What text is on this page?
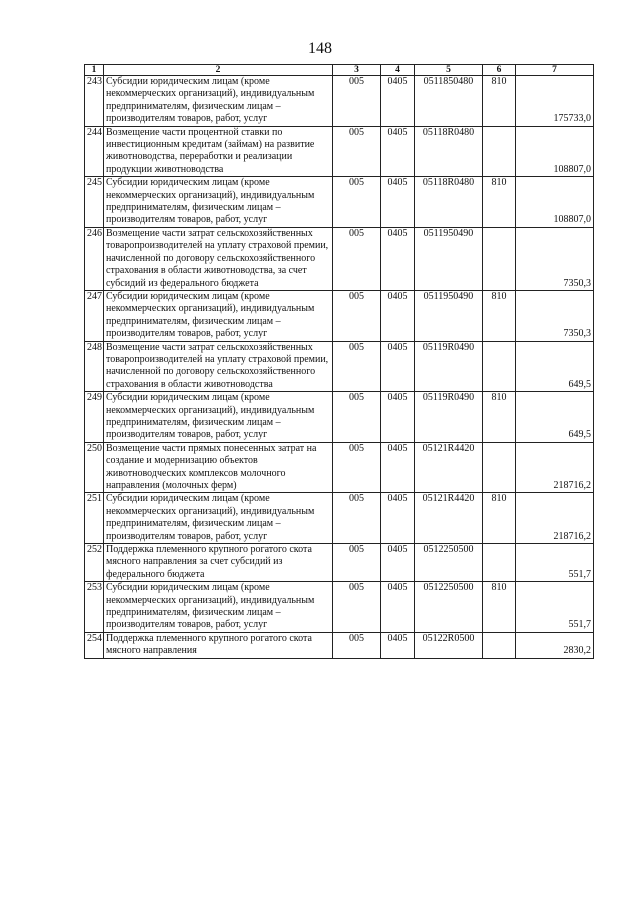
148
1	2	3	4	5	6	7
243	Субсидии юридическим лицам (кроме некоммерческих организаций), индивидуальным предпринимателям, физическим лицам – производителям товаров, работ, услуг	005	0405	0511850480	810	175733,0
244	Возмещение части процентной ставки по инвестиционным кредитам (займам) на развитие животноводства, переработки и реализации продукции животноводства	005	0405	05118R0480		108807,0
245	Субсидии юридическим лицам (кроме некоммерческих организаций), индивидуальным предпринимателям, физическим лицам – производителям товаров, работ, услуг	005	0405	05118R0480	810	108807,0
246	Возмещение части затрат сельскохозяйственных товаропроизводителей на уплату страховой премии, начисленной по договору сельскохозяйственного страхования в области животноводства, за счет субсидий из федерального бюджета	005	0405	0511950490		7350,3
247	Субсидии юридическим лицам (кроме некоммерческих организаций), индивидуальным предпринимателям, физическим лицам – производителям товаров, работ, услуг	005	0405	0511950490	810	7350,3
248	Возмещение части затрат сельскохозяйственных товаропроизводителей на уплату страховой премии, начисленной по договору сельскохозяйственного страхования в области животноводства	005	0405	05119R0490		649,5
249	Субсидии юридическим лицам (кроме некоммерческих организаций), индивидуальным предпринимателям, физическим лицам – производителям товаров, работ, услуг	005	0405	05119R0490	810	649,5
250	Возмещение части прямых понесенных затрат на создание и модернизацию объектов животноводческих комплексов молочного направления (молочных ферм)	005	0405	05121R4420		218716,2
251	Субсидии юридическим лицам (кроме некоммерческих организаций), индивидуальным предпринимателям, физическим лицам – производителям товаров, работ, услуг	005	0405	05121R4420	810	218716,2
252	Поддержка племенного крупного рогатого скота мясного направления за счет субсидий из федерального бюджета	005	0405	0512250500		551,7
253	Субсидии юридическим лицам (кроме некоммерческих организаций), индивидуальным предпринимателям, физическим лицам – производителям товаров, работ, услуг	005	0405	0512250500	810	551,7
254	Поддержка племенного крупного рогатого скота мясного направления	005	0405	05122R0500		2830,2
